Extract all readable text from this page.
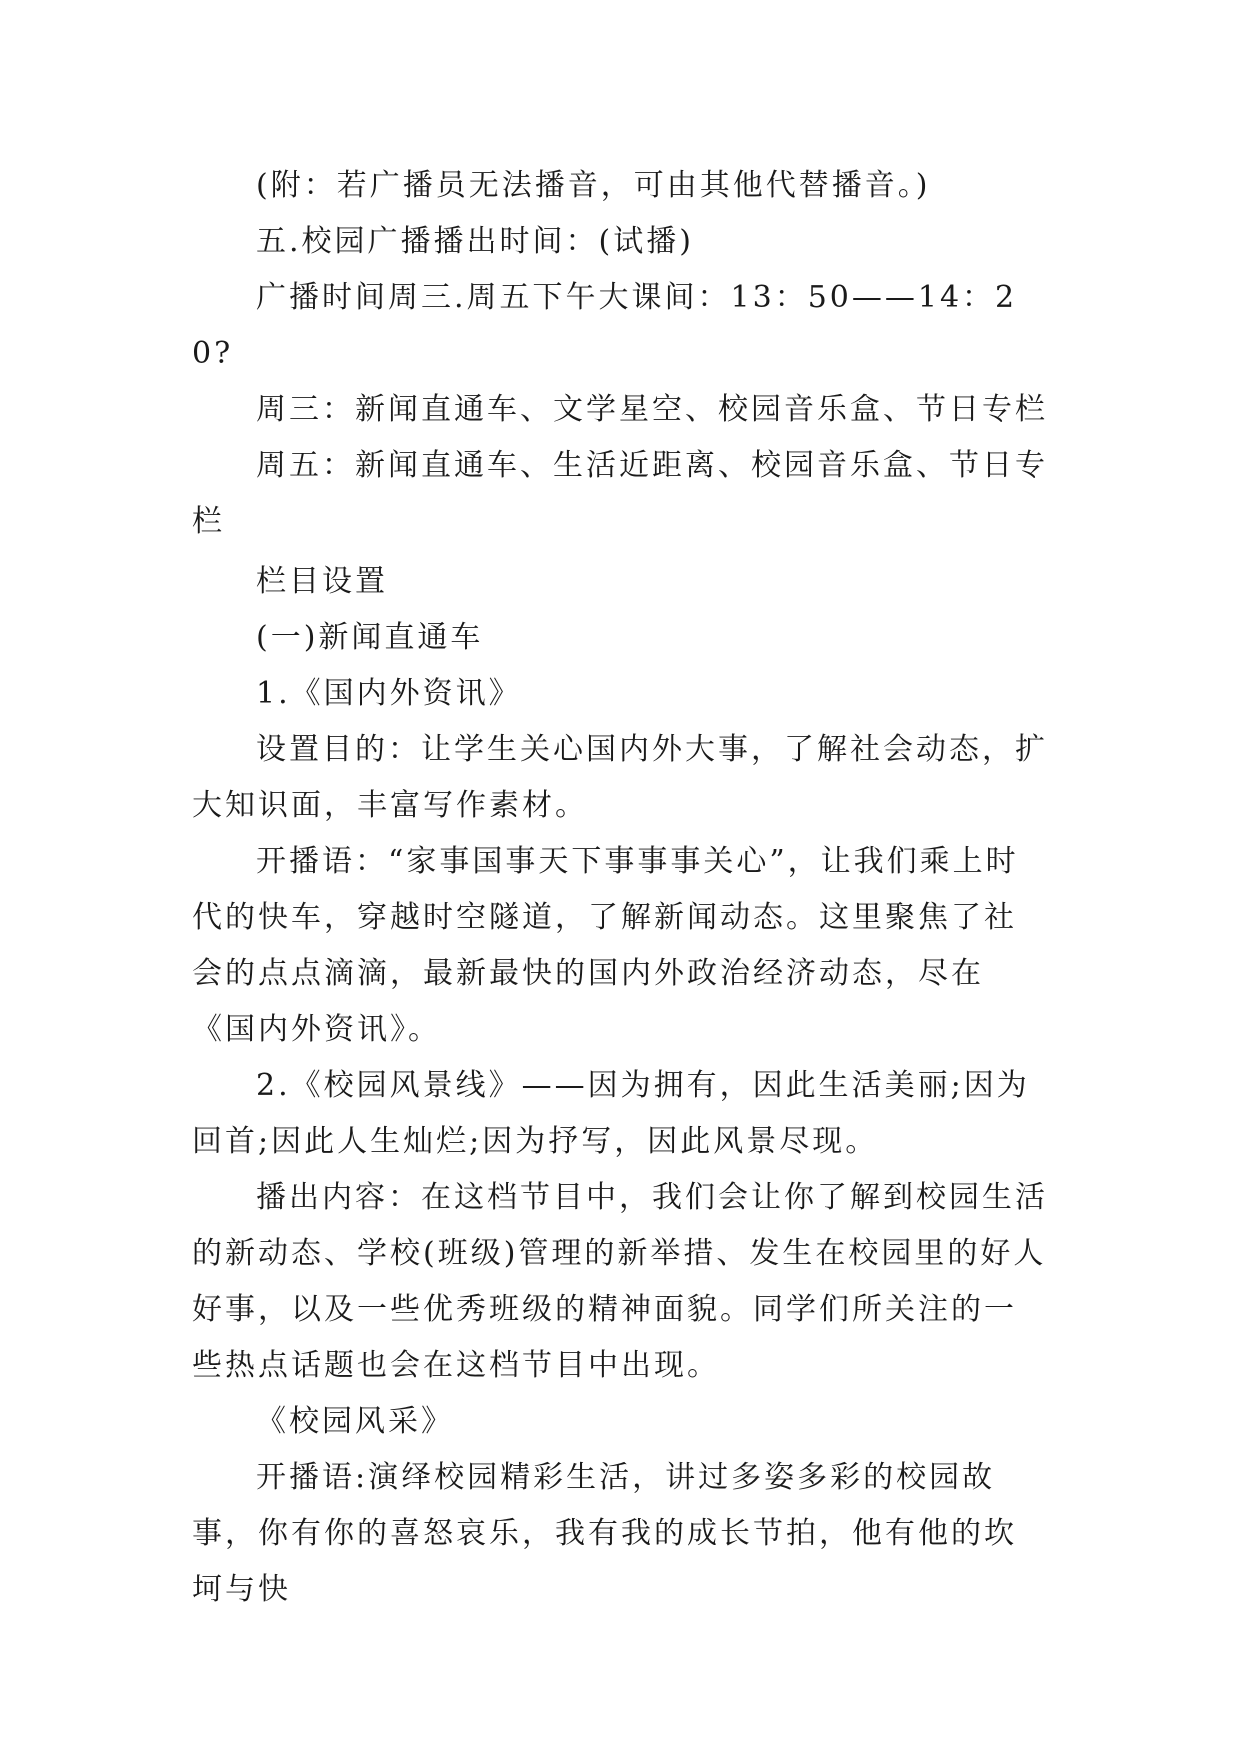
(附：若广播员无法播音，可由其他代替播音。)

五.校园广播播出时间：(试播)

广播时间周三.周五下午大课间：13：50——14：20?

周三：新闻直通车、文学星空、校园音乐盒、节日专栏

周五：新闻直通车、生活近距离、校园音乐盒、节日专栏

栏目设置

(一)新闻直通车

1.《国内外资讯》

设置目的：让学生关心国内外大事，了解社会动态，扩大知识面，丰富写作素材。

开播语：“家事国事天下事事事关心”，让我们乘上时代的快车，穿越时空隧道，了解新闻动态。这里聚焦了社会的点点滴滴，最新最快的国内外政治经济动态，尽在《国内外资讯》。

2.《校园风景线》——因为拥有，因此生活美丽;因为回首;因此人生灿烂;因为抒写，因此风景尽现。

播出内容：在这档节目中，我们会让你了解到校园生活的新动态、学校(班级)管理的新举措、发生在校园里的好人好事，以及一些优秀班级的精神面貌。同学们所关注的一些热点话题也会在这档节目中出现。

《校园风采》

开播语:演绎校园精彩生活，讲过多姿多彩的校园故事，你有你的喜怒哀乐，我有我的成长节拍，他有他的坎坷与快
